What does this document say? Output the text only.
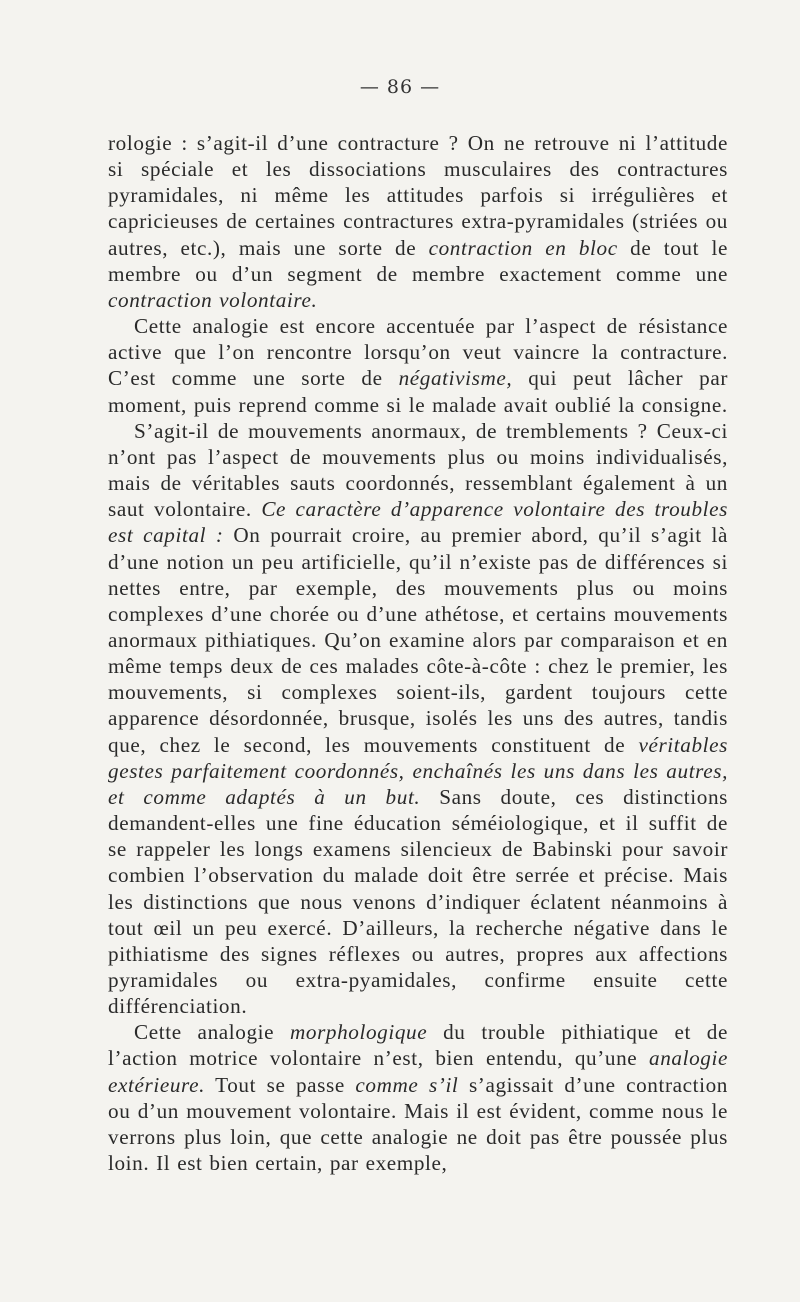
— 86 —

rologie : s’agit-il d’une contracture ? On ne retrouve ni l’attitude si spéciale et les dissociations musculaires des contractures pyramidales, ni même les attitudes parfois si irrégulières et capricieuses de certaines contractures extra-pyramidales (striées ou autres, etc.), mais une sorte de contraction en bloc de tout le membre ou d’un segment de membre exactement comme une contraction volontaire.

Cette analogie est encore accentuée par l’aspect de résistance active que l’on rencontre lorsqu’on veut vaincre la contracture. C’est comme une sorte de négativisme, qui peut lâcher par moment, puis reprend comme si le malade avait oublié la consigne.

S’agit-il de mouvements anormaux, de tremblements ? Ceux-ci n’ont pas l’aspect de mouvements plus ou moins individualisés, mais de véritables sauts coordonnés, ressemblant également à un saut volontaire. Ce caractère d’apparence volontaire des troubles est capital : On pourrait croire, au premier abord, qu’il s’agit là d’une notion un peu artificielle, qu’il n’existe pas de différences si nettes entre, par exemple, des mouvements plus ou moins complexes d’une chorée ou d’une athétose, et certains mouvements anormaux pithiatiques. Qu’on examine alors par comparaison et en même temps deux de ces malades côte-à-côte : chez le premier, les mouvements, si complexes soient-ils, gardent toujours cette apparence désordonnée, brusque, isolés les uns des autres, tandis que, chez le second, les mouvements constituent de véritables gestes parfaitement coordonnés, enchaînés les uns dans les autres, et comme adaptés à un but. Sans doute, ces distinctions demandent-elles une fine éducation séméiologique, et il suffit de se rappeler les longs examens silencieux de Babinski pour savoir combien l’observation du malade doit être serrée et précise. Mais les distinctions que nous venons d’indiquer éclatent néanmoins à tout œil un peu exercé. D’ailleurs, la recherche négative dans le pithiatisme des signes réflexes ou autres, propres aux affections pyramidales ou extra-pyamidales, confirme ensuite cette différenciation.

Cette analogie morphologique du trouble pithiatique et de l’action motrice volontaire n’est, bien entendu, qu’une analogie extérieure. Tout se passe comme s’il s’agissait d’une contraction ou d’un mouvement volontaire. Mais il est évident, comme nous le verrons plus loin, que cette analogie ne doit pas être poussée plus loin. Il est bien certain, par exemple,
